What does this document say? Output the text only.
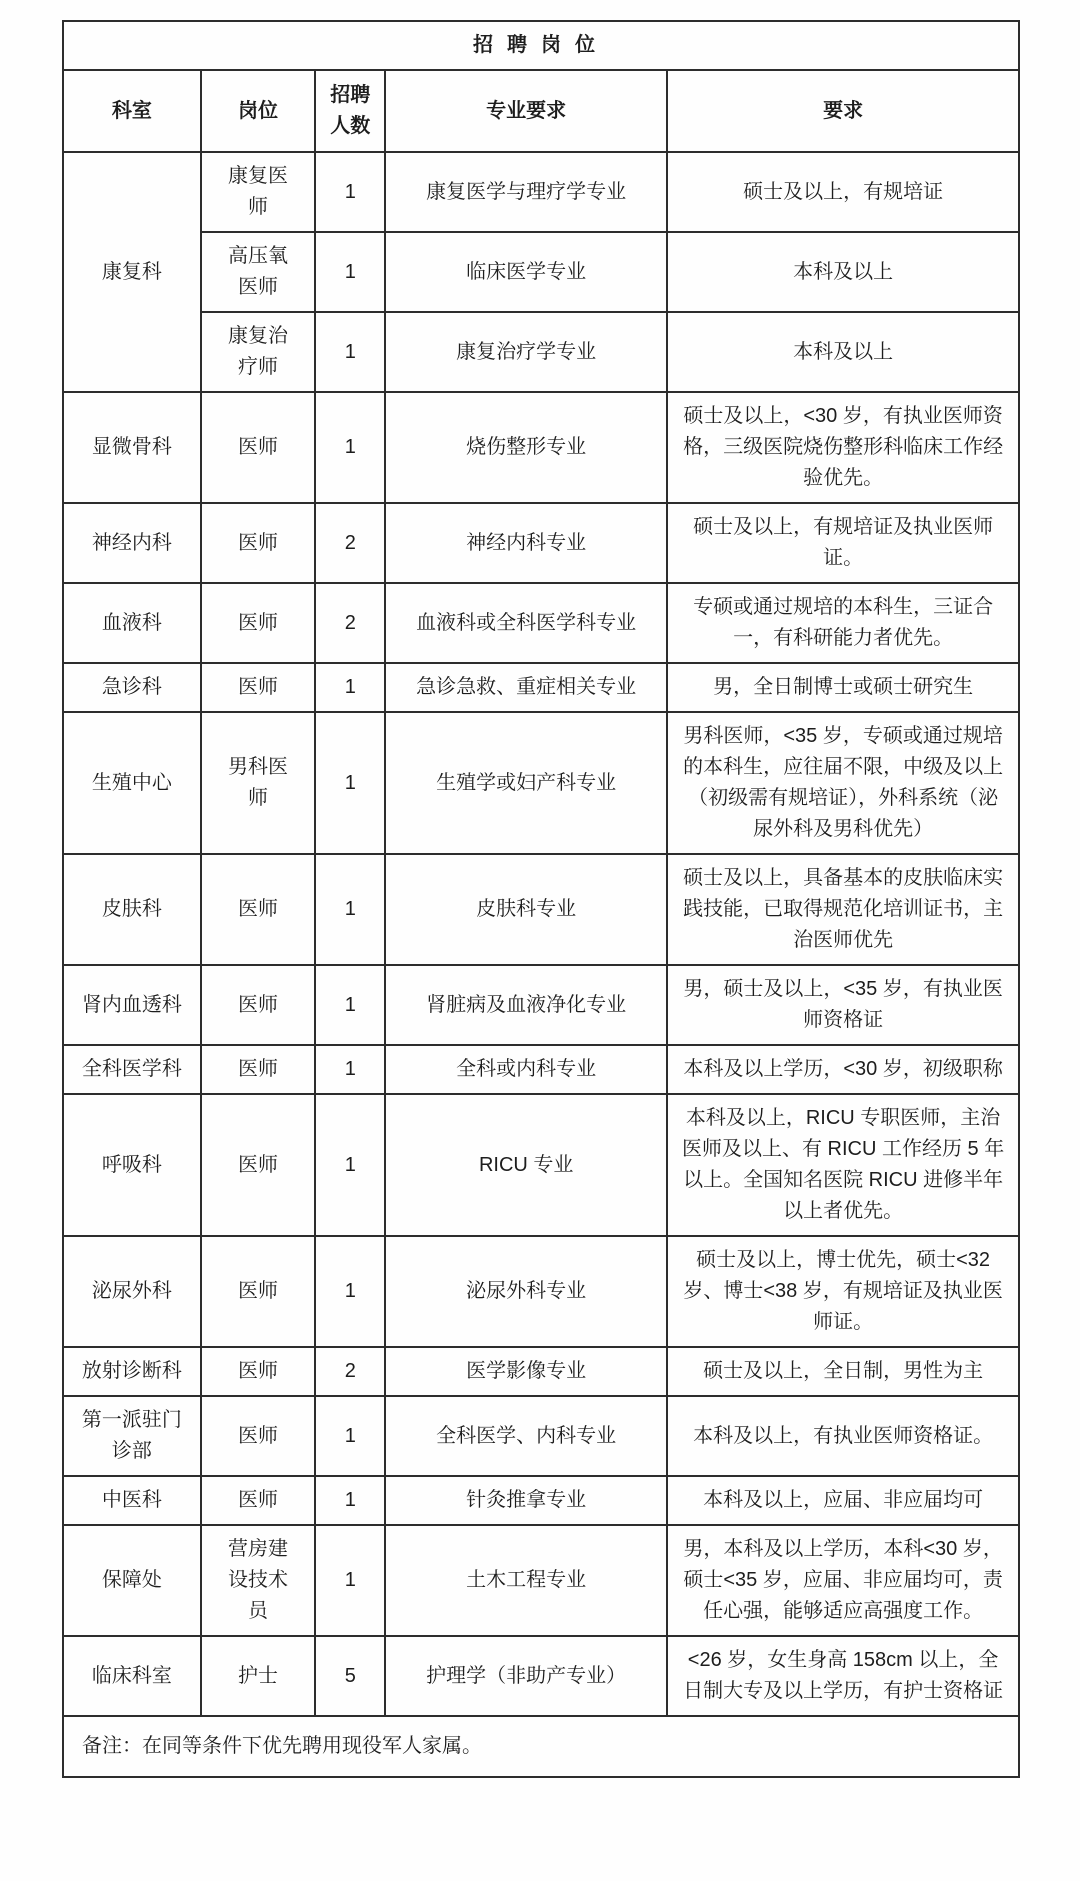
招聘岗位				
科室	岗位	招聘人数	专业要求	要求
康复科	康复医师	1	康复医学与理疗学专业	硕士及以上，有规培证
	高压氧医师	1	临床医学专业	本科及以上
	康复治疗师	1	康复治疗学专业	本科及以上
显微骨科	医师	1	烧伤整形专业	硕士及以上，<30 岁，有执业医师资格，三级医院烧伤整形科临床工作经验优先。
神经内科	医师	2	神经内科专业	硕士及以上，有规培证及执业医师证。
血液科	医师	2	血液科或全科医学科专业	专硕或通过规培的本科生，三证合一，有科研能力者优先。
急诊科	医师	1	急诊急救、重症相关专业	男，全日制博士或硕士研究生
生殖中心	男科医师	1	生殖学或妇产科专业	男科医师，<35 岁，专硕或通过规培的本科生，应往届不限，中级及以上（初级需有规培证），外科系统（泌尿外科及男科优先）
皮肤科	医师	1	皮肤科专业	硕士及以上，具备基本的皮肤临床实践技能，已取得规范化培训证书，主治医师优先
肾内血透科	医师	1	肾脏病及血液净化专业	男，硕士及以上，<35 岁，有执业医师资格证
全科医学科	医师	1	全科或内科专业	本科及以上学历，<30 岁，初级职称
呼吸科	医师	1	RICU 专业	本科及以上，RICU 专职医师，主治医师及以上、有 RICU 工作经历 5 年以上。全国知名医院 RICU 进修半年以上者优先。
泌尿外科	医师	1	泌尿外科专业	硕士及以上，博士优先，硕士<32 岁、博士<38 岁，有规培证及执业医师证。
放射诊断科	医师	2	医学影像专业	硕士及以上，全日制，男性为主
第一派驻门诊部	医师	1	全科医学、内科专业	本科及以上，有执业医师资格证。
中医科	医师	1	针灸推拿专业	本科及以上，应届、非应届均可
保障处	营房建设技术员	1	土木工程专业	男，本科及以上学历，本科<30 岁，硕士<35 岁，应届、非应届均可，责任心强，能够适应高强度工作。
临床科室	护士	5	护理学（非助产专业）	<26 岁，女生身高 158cm 以上，全日制大专及以上学历，有护士资格证
备注：在同等条件下优先聘用现役军人家属。				
